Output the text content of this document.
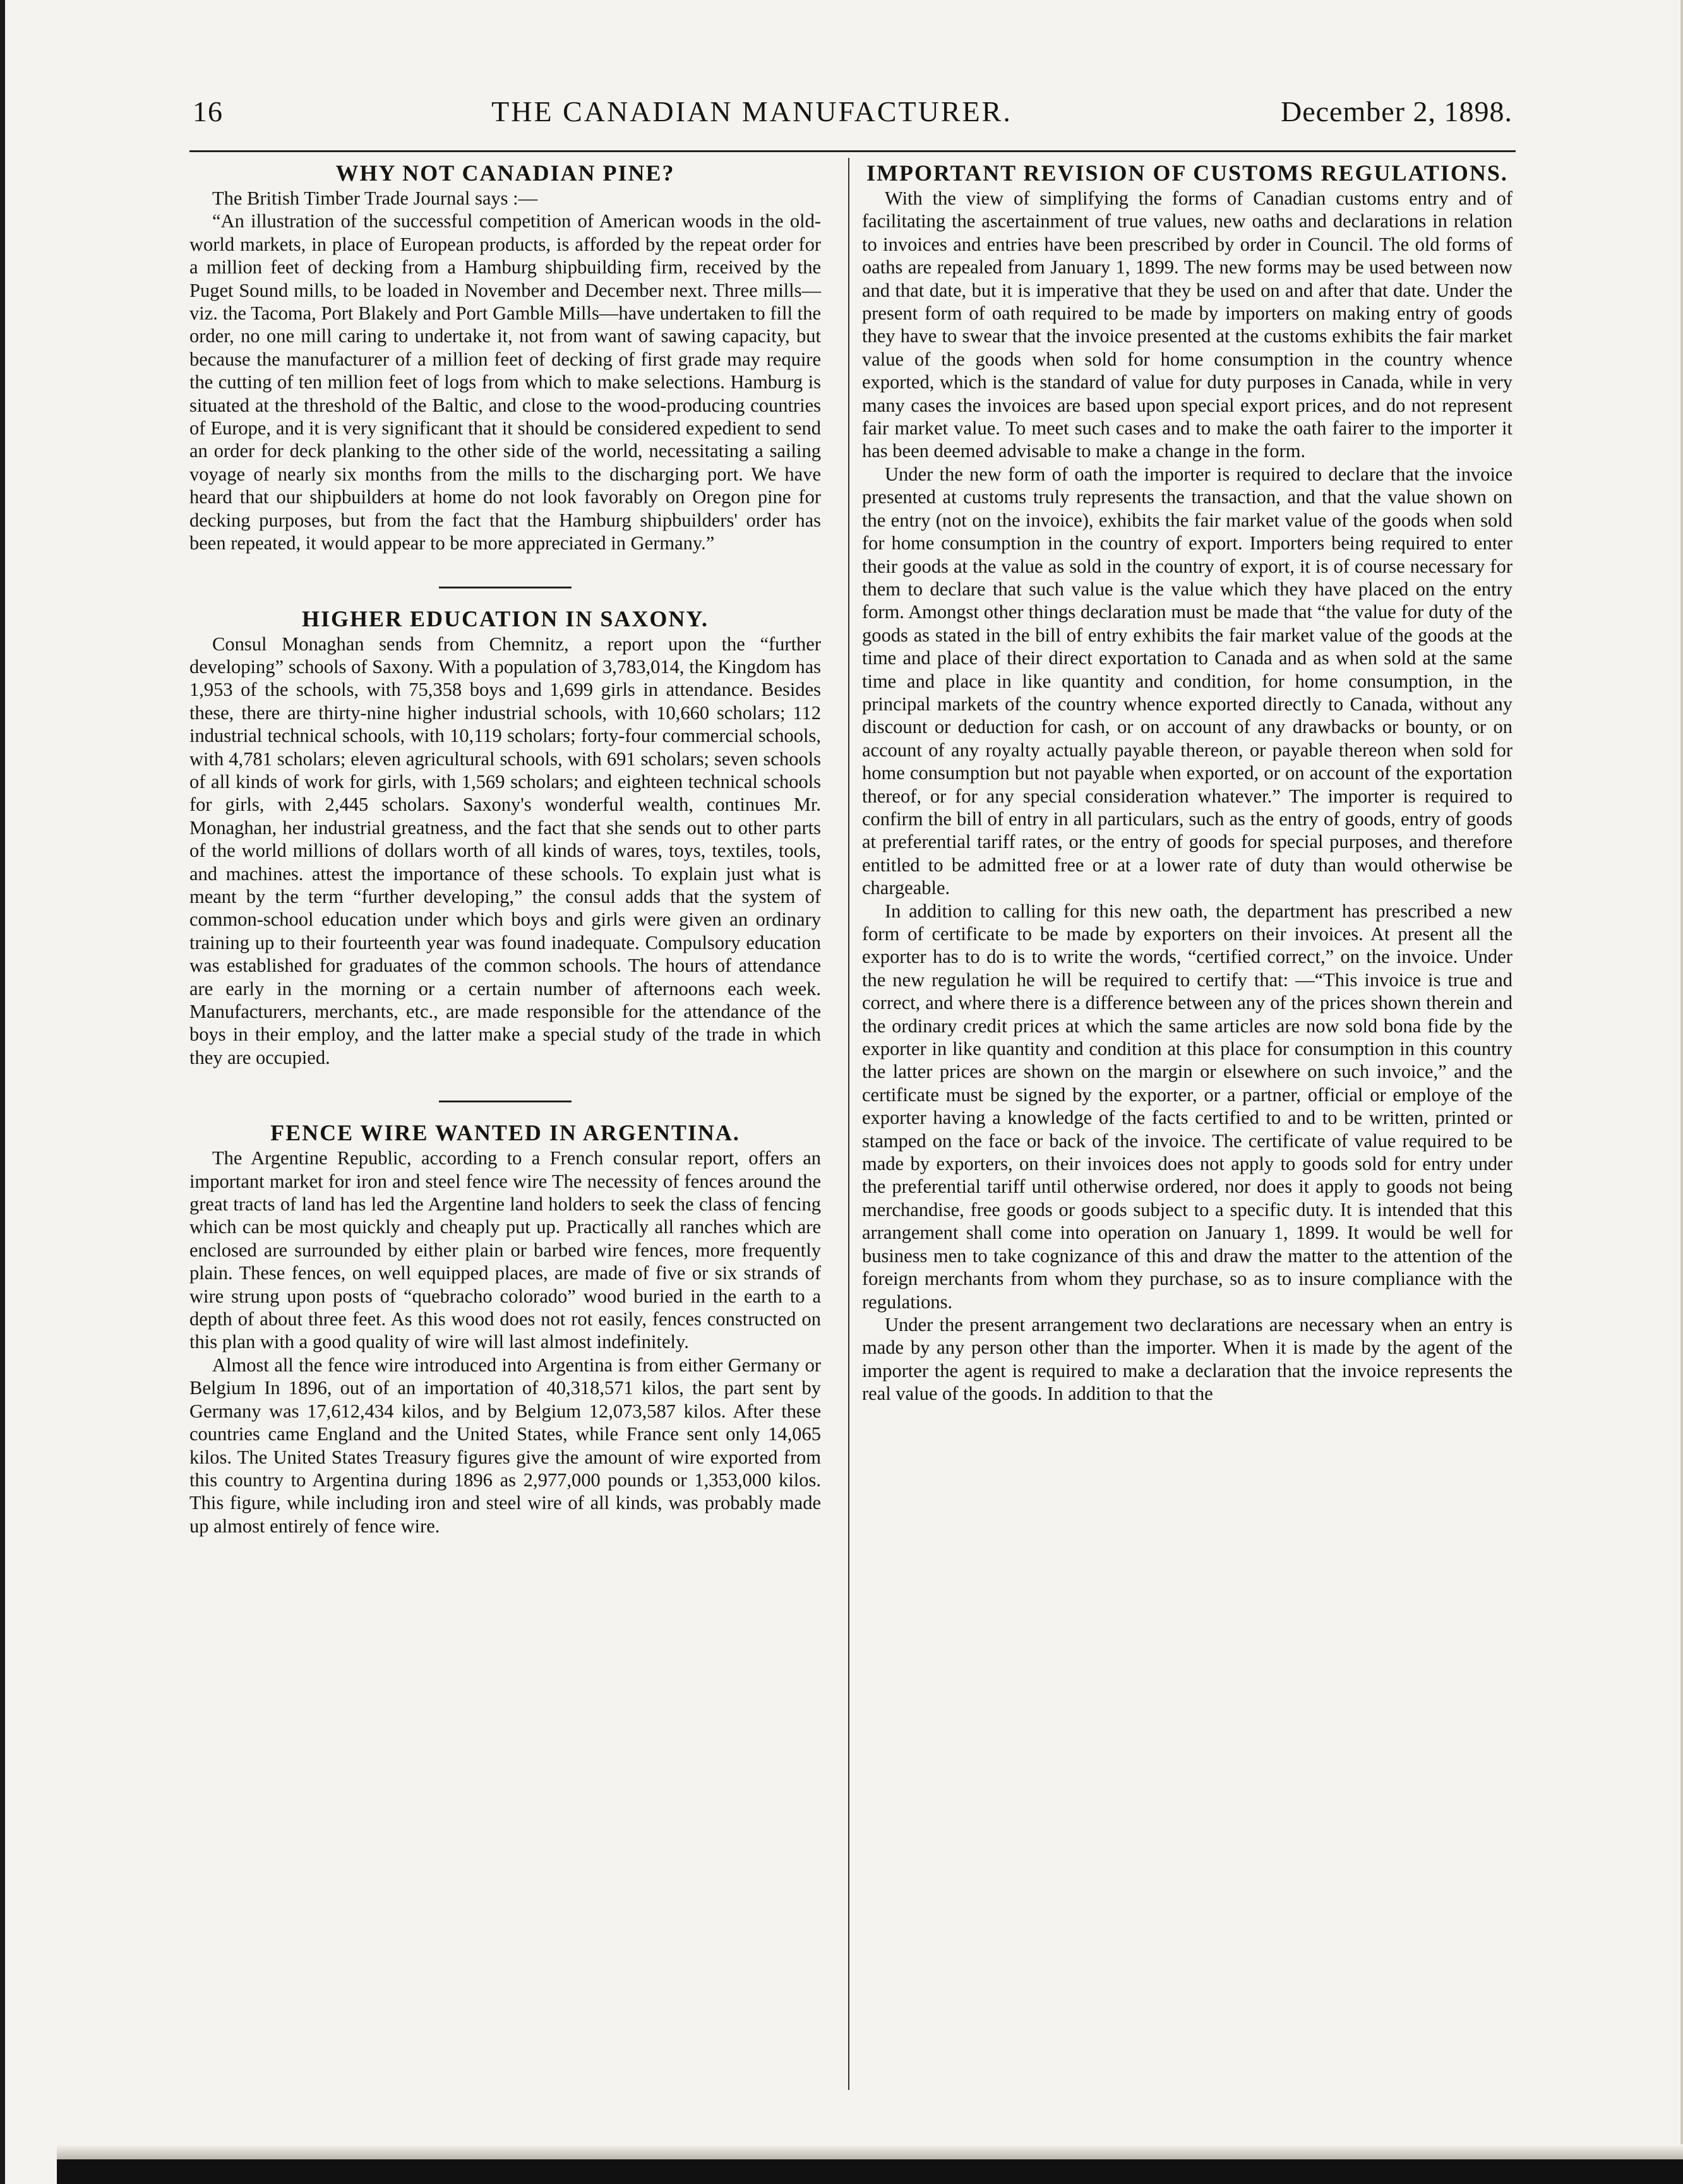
16	THE CANADIAN MANUFACTURER.	December 2, 1898.
WHY NOT CANADIAN PINE?

The British Timber Trade Journal says :—

“An illustration of the successful competition of American woods in the old-world markets, in place of European products, is afforded by the repeat order for a million feet of decking from a Hamburg shipbuilding firm, received by the Puget Sound mills, to be loaded in November and December next. Three mills—viz. the Tacoma, Port Blakely and Port Gamble Mills—have undertaken to fill the order, no one mill caring to undertake it, not from want of sawing capacity, but because the manufacturer of a million feet of decking of first grade may require the cutting of ten million feet of logs from which to make selections. Hamburg is situated at the threshold of the Baltic, and close to the wood-producing countries of Europe, and it is very significant that it should be considered expedient to send an order for deck planking to the other side of the world, necessitating a sailing voyage of nearly six months from the mills to the discharging port. We have heard that our shipbuilders at home do not look favorably on Oregon pine for decking purposes, but from the fact that the Hamburg shipbuilders' order has been repeated, it would appear to be more appreciated in Germany.”

HIGHER EDUCATION IN SAXONY.

Consul Monaghan sends from Chemnitz, a report upon the “further developing” schools of Saxony. With a population of 3,783,014, the Kingdom has 1,953 of the schools, with 75,358 boys and 1,699 girls in attendance. Besides these, there are thirty-nine higher industrial schools, with 10,660 scholars; 112 industrial technical schools, with 10,119 scholars; forty-four commercial schools, with 4,781 scholars; eleven agricultural schools, with 691 scholars; seven schools of all kinds of work for girls, with 1,569 scholars; and eighteen technical schools for girls, with 2,445 scholars. Saxony's wonderful wealth, continues Mr. Monaghan, her industrial greatness, and the fact that she sends out to other parts of the world millions of dollars worth of all kinds of wares, toys, textiles, tools, and machines. attest the importance of these schools. To explain just what is meant by the term “further developing,” the consul adds that the system of common-school education under which boys and girls were given an ordinary training up to their fourteenth year was found inadequate. Compulsory education was established for graduates of the common schools. The hours of attendance are early in the morning or a certain number of afternoons each week. Manufacturers, merchants, etc., are made responsible for the attendance of the boys in their employ, and the latter make a special study of the trade in which they are occupied.

FENCE WIRE WANTED IN ARGENTINA.

The Argentine Republic, according to a French consular report, offers an important market for iron and steel fence wire The necessity of fences around the great tracts of land has led the Argentine land holders to seek the class of fencing which can be most quickly and cheaply put up. Practically all ranches which are enclosed are surrounded by either plain or barbed wire fences, more frequently plain. These fences, on well equipped places, are made of five or six strands of wire strung upon posts of “quebracho colorado” wood buried in the earth to a depth of about three feet. As this wood does not rot easily, fences constructed on this plan with a good quality of wire will last almost indefinitely.

Almost all the fence wire introduced into Argentina is from either Germany or Belgium In 1896, out of an importation of 40,318,571 kilos, the part sent by Germany was 17,612,434 kilos, and by Belgium 12,073,587 kilos. After these countries came England and the United States, while France sent only 14,065 kilos. The United States Treasury figures give the amount of wire exported from this country to Argentina during 1896 as 2,977,000 pounds or 1,353,000 kilos. This figure, while including iron and steel wire of all kinds, was probably made up almost entirely of fence wire.

IMPORTANT REVISION OF CUSTOMS REGULATIONS.

With the view of simplifying the forms of Canadian customs entry and of facilitating the ascertainment of true values, new oaths and declarations in relation to invoices and entries have been prescribed by order in Council. The old forms of oaths are repealed from January 1, 1899. The new forms may be used between now and that date, but it is imperative that they be used on and after that date. Under the present form of oath required to be made by importers on making entry of goods they have to swear that the invoice presented at the customs exhibits the fair market value of the goods when sold for home consumption in the country whence exported, which is the standard of value for duty purposes in Canada, while in very many cases the invoices are based upon special export prices, and do not represent fair market value. To meet such cases and to make the oath fairer to the importer it has been deemed advisable to make a change in the form.

Under the new form of oath the importer is required to declare that the invoice presented at customs truly represents the transaction, and that the value shown on the entry (not on the invoice), exhibits the fair market value of the goods when sold for home consumption in the country of export. Importers being required to enter their goods at the value as sold in the country of export, it is of course necessary for them to declare that such value is the value which they have placed on the entry form. Amongst other things declaration must be made that “the value for duty of the goods as stated in the bill of entry exhibits the fair market value of the goods at the time and place of their direct exportation to Canada and as when sold at the same time and place in like quantity and condition, for home consumption, in the principal markets of the country whence exported directly to Canada, without any discount or deduction for cash, or on account of any drawbacks or bounty, or on account of any royalty actually payable thereon, or payable thereon when sold for home consumption but not payable when exported, or on account of the exportation thereof, or for any special consideration whatever.” The importer is required to confirm the bill of entry in all particulars, such as the entry of goods, entry of goods at preferential tariff rates, or the entry of goods for special purposes, and therefore entitled to be admitted free or at a lower rate of duty than would otherwise be chargeable.

In addition to calling for this new oath, the department has prescribed a new form of certificate to be made by exporters on their invoices. At present all the exporter has to do is to write the words, “certified correct,” on the invoice. Under the new regulation he will be required to certify that: —“This invoice is true and correct, and where there is a difference between any of the prices shown therein and the ordinary credit prices at which the same articles are now sold bona fide by the exporter in like quantity and condition at this place for consumption in this country the latter prices are shown on the margin or elsewhere on such invoice,” and the certificate must be signed by the exporter, or a partner, official or employe of the exporter having a knowledge of the facts certified to and to be written, printed or stamped on the face or back of the invoice. The certificate of value required to be made by exporters, on their invoices does not apply to goods sold for entry under the preferential tariff until otherwise ordered, nor does it apply to goods not being merchandise, free goods or goods subject to a specific duty. It is intended that this arrangement shall come into operation on January 1, 1899. It would be well for business men to take cognizance of this and draw the matter to the attention of the foreign merchants from whom they purchase, so as to insure compliance with the regulations.

Under the present arrangement two declarations are necessary when an entry is made by any person other than the importer. When it is made by the agent of the importer the agent is required to make a declaration that the invoice represents the real value of the goods. In addition to that the
